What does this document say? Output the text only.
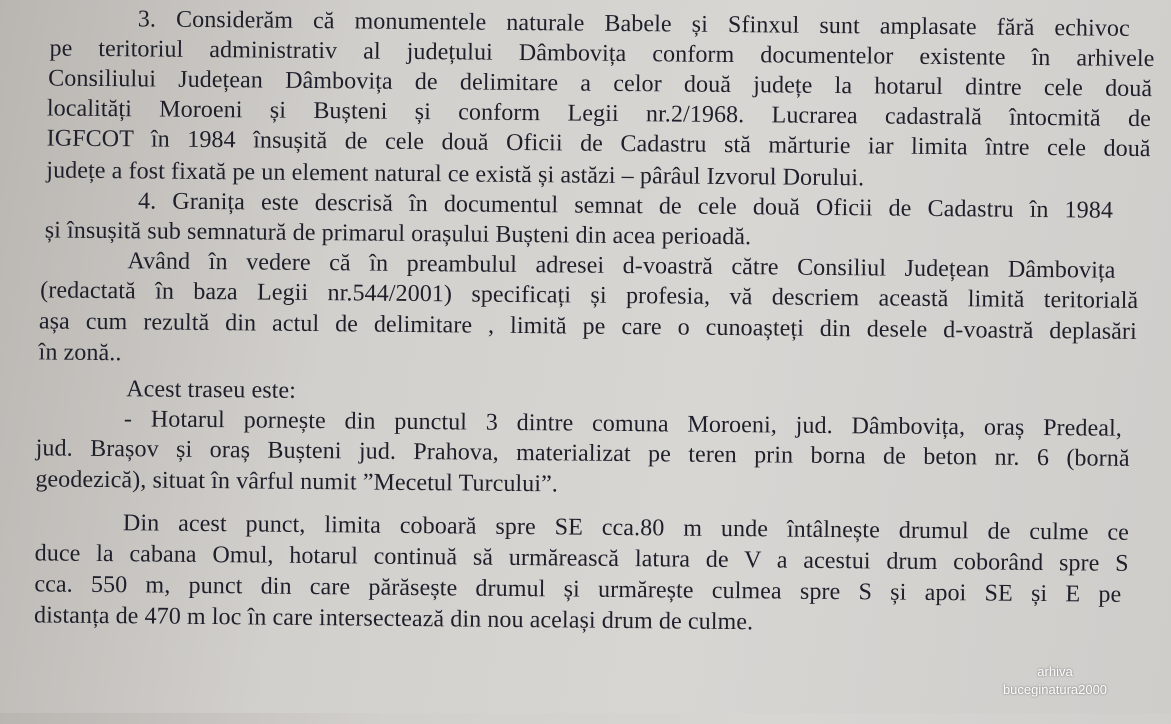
3. Considerăm că monumentele naturale Babele și Sfinxul sunt amplasate fără echivoc
pe teritoriul administrativ al județului Dâmbovița conform documentelor existente în arhivele
Consiliului Județean Dâmbovița de delimitare a celor două județe la hotarul dintre cele două
localități Moroeni și Bușteni și conform Legii nr.2/1968. Lucrarea cadastrală întocmită de
IGFCOT în 1984 însușită de cele două Oficii de Cadastru stă mărturie iar limita între cele două
județe a fost fixată pe un element natural ce există și astăzi – pârâul Izvorul Dorului.
4. Granița este descrisă în documentul semnat de cele două Oficii de Cadastru în 1984
și însușită sub semnatură de primarul orașului Bușteni din acea perioadă.
Având în vedere că în preambulul adresei d-voastră către Consiliul Județean Dâmbovița
(redactată în baza Legii nr.544/2001) specificați și profesia, vă descriem această limită teritorială
așa cum rezultă din actul de delimitare , limită pe care o cunoașteți din desele d-voastră deplasări
în zonă..
Acest traseu este:
- Hotarul pornește din punctul 3 dintre comuna Moroeni, jud. Dâmbovița, oraș Predeal,
jud. Brașov și oraș Bușteni jud. Prahova, materializat pe teren prin borna de beton nr. 6 (bornă
geodezică), situat în vârful numit ”Mecetul Turcului”.
Din acest punct, limita coboară spre SE cca.80 m unde întâlnește drumul de culme ce
duce la cabana Omul, hotarul continuă să urmărească latura de V a acestui drum coborând spre S
cca. 550 m, punct din care părăsește drumul și urmărește culmea spre S și apoi SE și E pe
distanța de 470 m loc în care intersectează din nou același drum de culme.
arhiva
buceginatura2000
